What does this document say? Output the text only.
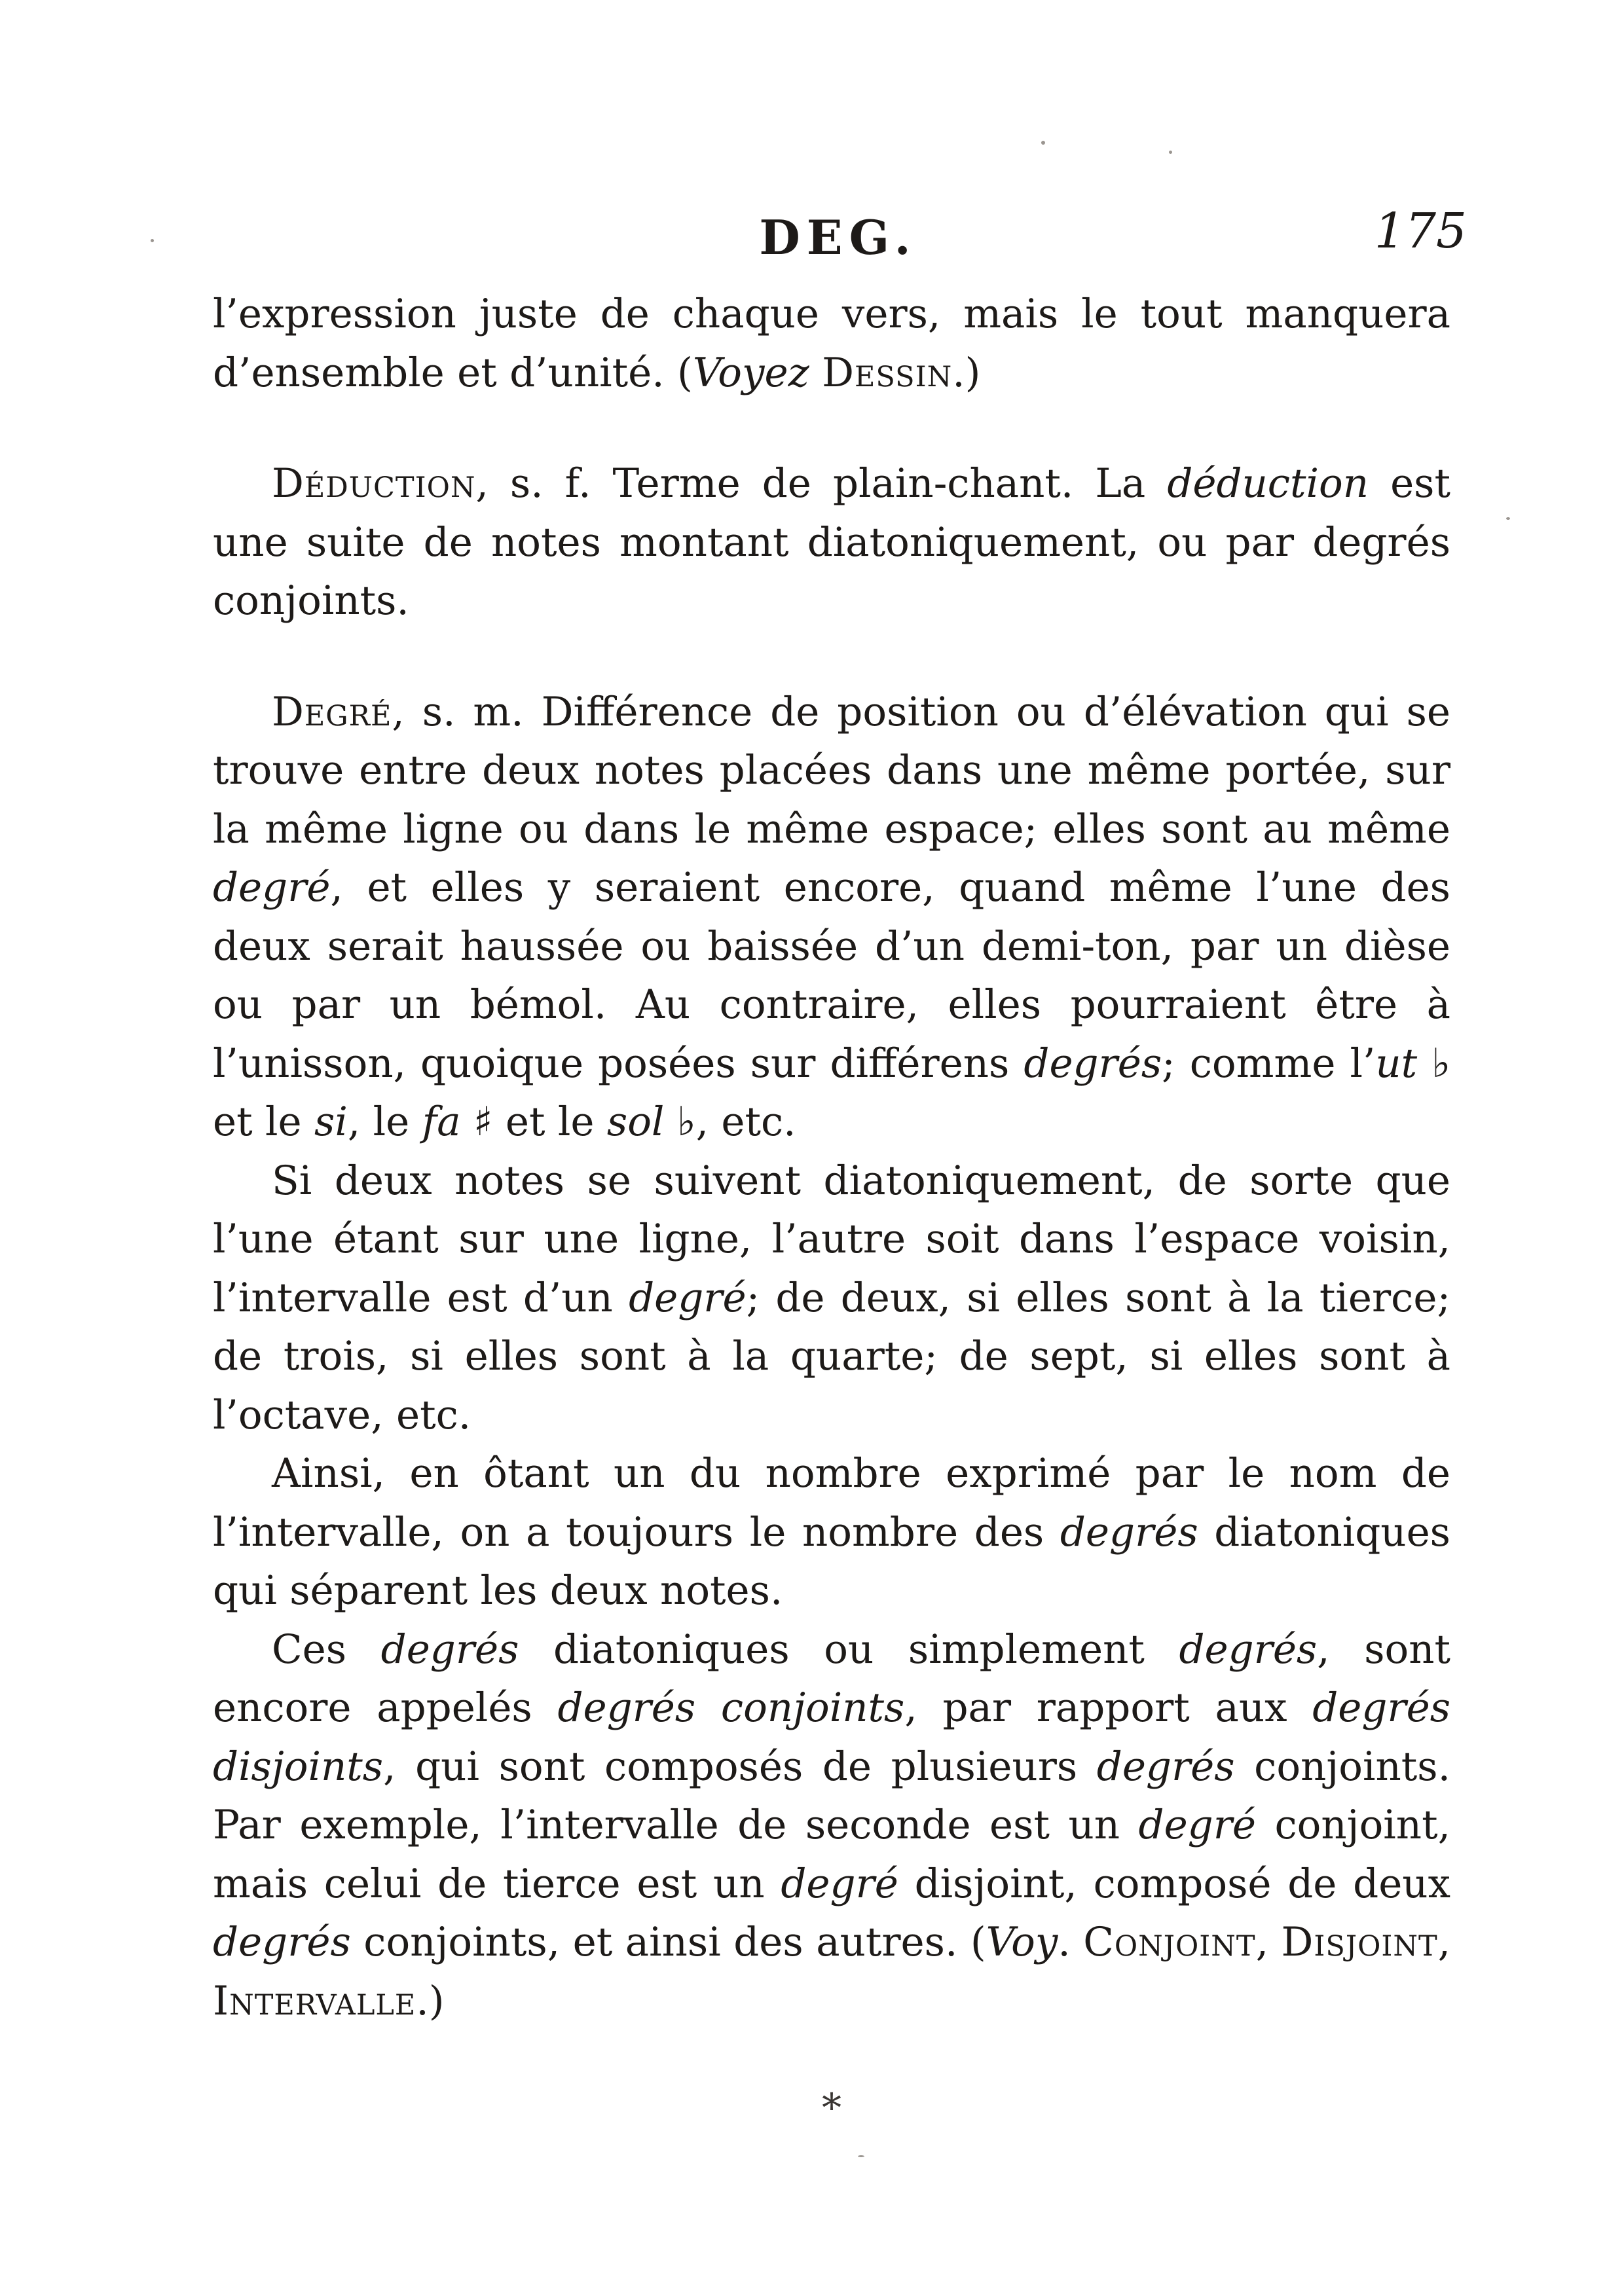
DEG.	175

l’expression juste de chaque vers, mais le tout manquera d’ensemble et d’unité. (Voyez Dessin.)

Déduction, s. f. Terme de plain-chant. La déduction est une suite de notes montant diatoniquement, ou par degrés conjoints.

Degré, s. m. Différence de position ou d’élévation qui se trouve entre deux notes placées dans une même portée, sur la même ligne ou dans le même espace; elles sont au même degré, et elles y seraient encore, quand même l’une des deux serait haussée ou baissée d’un demi-ton, par un dièse ou par un bémol. Au contraire, elles pourraient être à l’unisson, quoique posées sur différens degrés; comme l’ut ♭ et le si, le fa ♯ et le sol ♭, etc.

Si deux notes se suivent diatoniquement, de sorte que l’une étant sur une ligne, l’autre soit dans l’espace voisin, l’intervalle est d’un degré; de deux, si elles sont à la tierce; de trois, si elles sont à la quarte; de sept, si elles sont à l’octave, etc.

Ainsi, en ôtant un du nombre exprimé par le nom de l’intervalle, on a toujours le nombre des degrés diatoniques qui séparent les deux notes.

Ces degrés diatoniques ou simplement degrés, sont encore appelés degrés conjoints, par rapport aux degrés disjoints, qui sont composés de plusieurs degrés conjoints. Par exemple, l’intervalle de seconde est un degré conjoint, mais celui de tierce est un degré disjoint, composé de deux degrés conjoints, et ainsi des autres. (Voy. Conjoint, Disjoint, Intervalle.)

*
